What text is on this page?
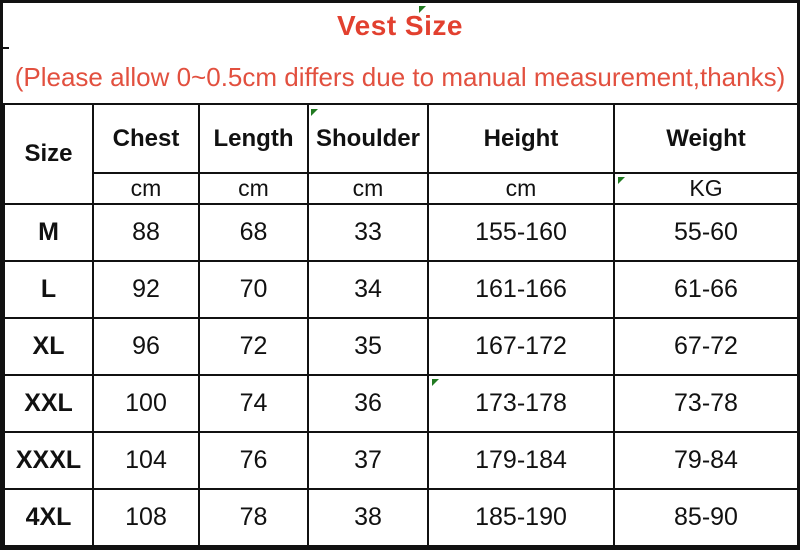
Vest Size
(Please allow 0~0.5cm differs due to manual measurement,thanks)
Size	Chest	Length	Shoulder	Height	Weight
	cm	cm	cm	cm	KG
M	88	68	33	155-160	55-60
L	92	70	34	161-166	61-66
XL	96	72	35	167-172	67-72
XXL	100	74	36	173-178	73-78
XXXL	104	76	37	179-184	79-84
4XL	108	78	38	185-190	85-90
